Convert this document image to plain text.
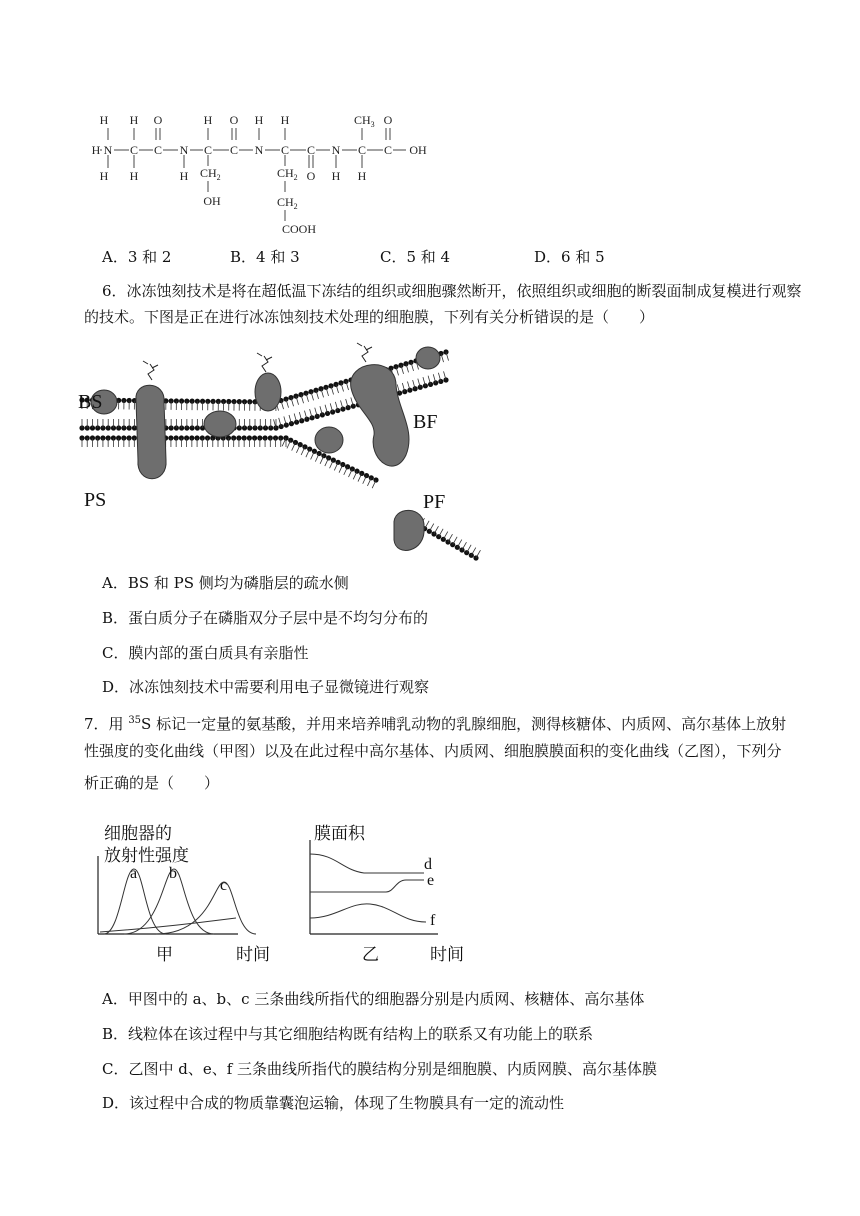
H
H
H N C
H
H
C
O
N
H
C
H
$CH_2$
OH
C
O
N
H
C
H
$CH_2$
$CH_2$
COOH
C
O
N
H
C
H
$CH_3$
C
O
OH
A．3 和 2	B．4 和 3	C．5 和 4	D．6 和 5
6．冰冻蚀刻技术是将在超低温下冻结的组织或细胞骤然断开，依照组织或细胞的断裂面制成复模进行观察
的技术。下图是正在进行冰冻蚀刻技术处理的细胞膜，下列有关分析错误的是（　　）
BS
BF
PS	PF
A．BS 和 PS 侧均为磷脂层的疏水侧
B．蛋白质分子在磷脂双分子层中是不均匀分布的
C．膜内部的蛋白质具有亲脂性
D．冰冻蚀刻技术中需要利用电子显微镜进行观察
7．用 $^{35}$S 标记一定量的氨基酸，并用来培养哺乳动物的乳腺细胞，测得核糖体、内质网、高尔基体上放射
性强度的变化曲线（甲图）以及在此过程中高尔基体、内质网、细胞膜膜面积的变化曲线（乙图），下列分
析正确的是（　　）
细胞器的
放射性强度
a b
c
甲	时间
膜面积
d
e
f
乙	时间
A．甲图中的 a、b、c 三条曲线所指代的细胞器分别是内质网、核糖体、高尔基体
B．线粒体在该过程中与其它细胞结构既有结构上的联系又有功能上的联系
C．乙图中 d、e、f 三条曲线所指代的膜结构分别是细胞膜、内质网膜、高尔基体膜
D．该过程中合成的物质靠囊泡运输，体现了生物膜具有一定的流动性
